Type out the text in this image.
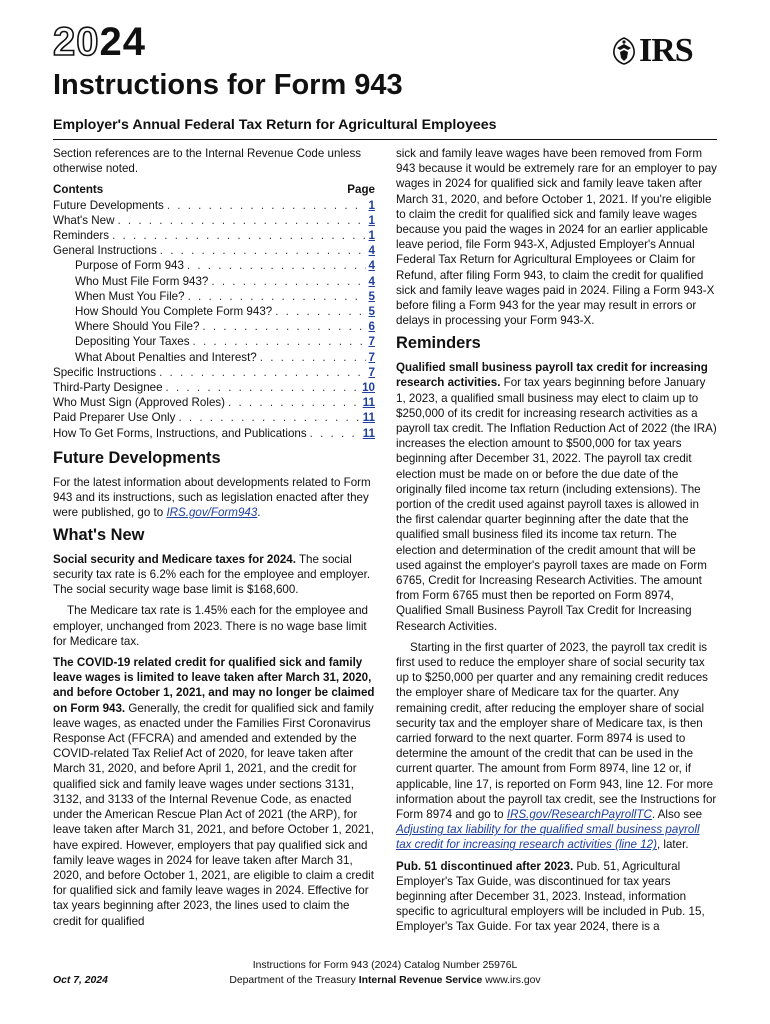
2024	IRS
Instructions for Form 943
Employer's Annual Federal Tax Return for Agricultural Employees

Section references are to the Internal Revenue Code unless otherwise noted.

Contents	Page
Future Developments . . .	1
What's New . . .	1
Reminders . . .	1
General Instructions . . .	4
Purpose of Form 943 . . .	4
Who Must File Form 943? . . .	4
When Must You File? . . .	5
How Should You Complete Form 943? . . .	5
Where Should You File? . . .	6
Depositing Your Taxes . . .	7
What About Penalties and Interest? . . .	7
Specific Instructions . . .	7
Third-Party Designee . . .	10
Who Must Sign (Approved Roles) . . .	11
Paid Preparer Use Only . . .	11
How To Get Forms, Instructions, and Publications . . .	11
Future Developments

For the latest information about developments related to Form 943 and its instructions, such as legislation enacted after they were published, go to IRS.gov/Form943.

What's New

Social security and Medicare taxes for 2024. The social security tax rate is 6.2% each for the employee and employer. The social security wage base limit is $168,600.

The Medicare tax rate is 1.45% each for the employee and employer, unchanged from 2023. There is no wage base limit for Medicare tax.

The COVID-19 related credit for qualified sick and family leave wages is limited to leave taken after March 31, 2020, and before October 1, 2021, and may no longer be claimed on Form 943. Generally, the credit for qualified sick and family leave wages, as enacted under the Families First Coronavirus Response Act (FFCRA) and amended and extended by the COVID-related Tax Relief Act of 2020, for leave taken after March 31, 2020, and before April 1, 2021, and the credit for qualified sick and family leave wages under sections 3131, 3132, and 3133 of the Internal Revenue Code, as enacted under the American Rescue Plan Act of 2021 (the ARP), for leave taken after March 31, 2021, and before October 1, 2021, have expired. However, employers that pay qualified sick and family leave wages in 2024 for leave taken after March 31, 2020, and before October 1, 2021, are eligible to claim a credit for qualified sick and family leave wages in 2024. Effective for tax years beginning after 2023, the lines used to claim the credit for qualified

sick and family leave wages have been removed from Form 943 because it would be extremely rare for an employer to pay wages in 2024 for qualified sick and family leave taken after March 31, 2020, and before October 1, 2021. If you're eligible to claim the credit for qualified sick and family leave wages because you paid the wages in 2024 for an earlier applicable leave period, file Form 943-X, Adjusted Employer's Annual Federal Tax Return for Agricultural Employees or Claim for Refund, after filing Form 943, to claim the credit for qualified sick and family leave wages paid in 2024. Filing a Form 943-X before filing a Form 943 for the year may result in errors or delays in processing your Form 943-X.

Reminders

Qualified small business payroll tax credit for increasing research activities. For tax years beginning before January 1, 2023, a qualified small business may elect to claim up to $250,000 of its credit for increasing research activities as a payroll tax credit. The Inflation Reduction Act of 2022 (the IRA) increases the election amount to $500,000 for tax years beginning after December 31, 2022. The payroll tax credit election must be made on or before the due date of the originally filed income tax return (including extensions). The portion of the credit used against payroll taxes is allowed in the first calendar quarter beginning after the date that the qualified small business filed its income tax return. The election and determination of the credit amount that will be used against the employer's payroll taxes are made on Form 6765, Credit for Increasing Research Activities. The amount from Form 6765 must then be reported on Form 8974, Qualified Small Business Payroll Tax Credit for Increasing Research Activities.

Starting in the first quarter of 2023, the payroll tax credit is first used to reduce the employer share of social security tax up to $250,000 per quarter and any remaining credit reduces the employer share of Medicare tax for the quarter. Any remaining credit, after reducing the employer share of social security tax and the employer share of Medicare tax, is then carried forward to the next quarter. Form 8974 is used to determine the amount of the credit that can be used in the current quarter. The amount from Form 8974, line 12 or, if applicable, line 17, is reported on Form 943, line 12. For more information about the payroll tax credit, see the Instructions for Form 8974 and go to IRS.gov/ResearchPayrollTC. Also see Adjusting tax liability for the qualified small business payroll tax credit for increasing research activities (line 12), later.

Pub. 51 discontinued after 2023. Pub. 51, Agricultural Employer's Tax Guide, was discontinued for tax years beginning after December 31, 2023. Instead, information specific to agricultural employers will be included in Pub. 15, Employer's Tax Guide. For tax year 2024, there is a

Instructions for Form 943 (2024) Catalog Number 25976L
Department of the Treasury Internal Revenue Service www.irs.gov
Oct 7, 2024
